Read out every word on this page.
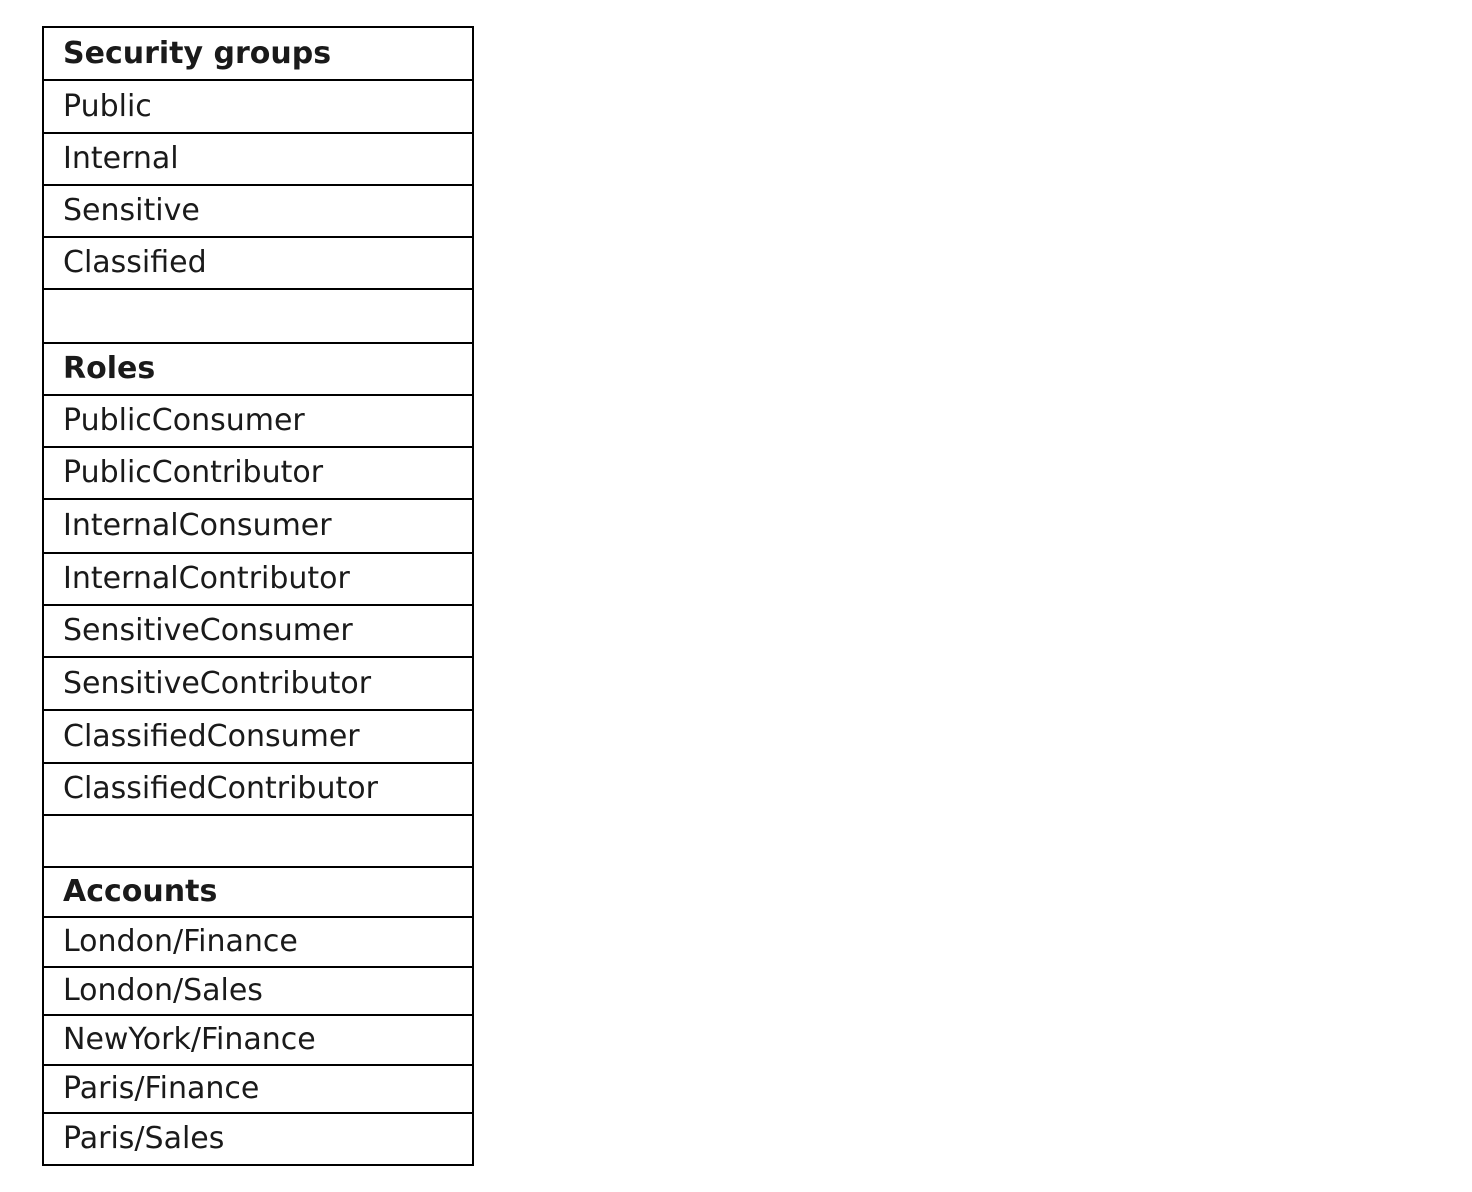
Security groups
Public
Internal
Sensitive
Classified

Roles
PublicConsumer
PublicContributor
InternalConsumer
InternalContributor
SensitiveConsumer
SensitiveContributor
ClassifiedConsumer
ClassifiedContributor

Accounts
London/Finance
London/Sales
NewYork/Finance
Paris/Finance
Paris/Sales
